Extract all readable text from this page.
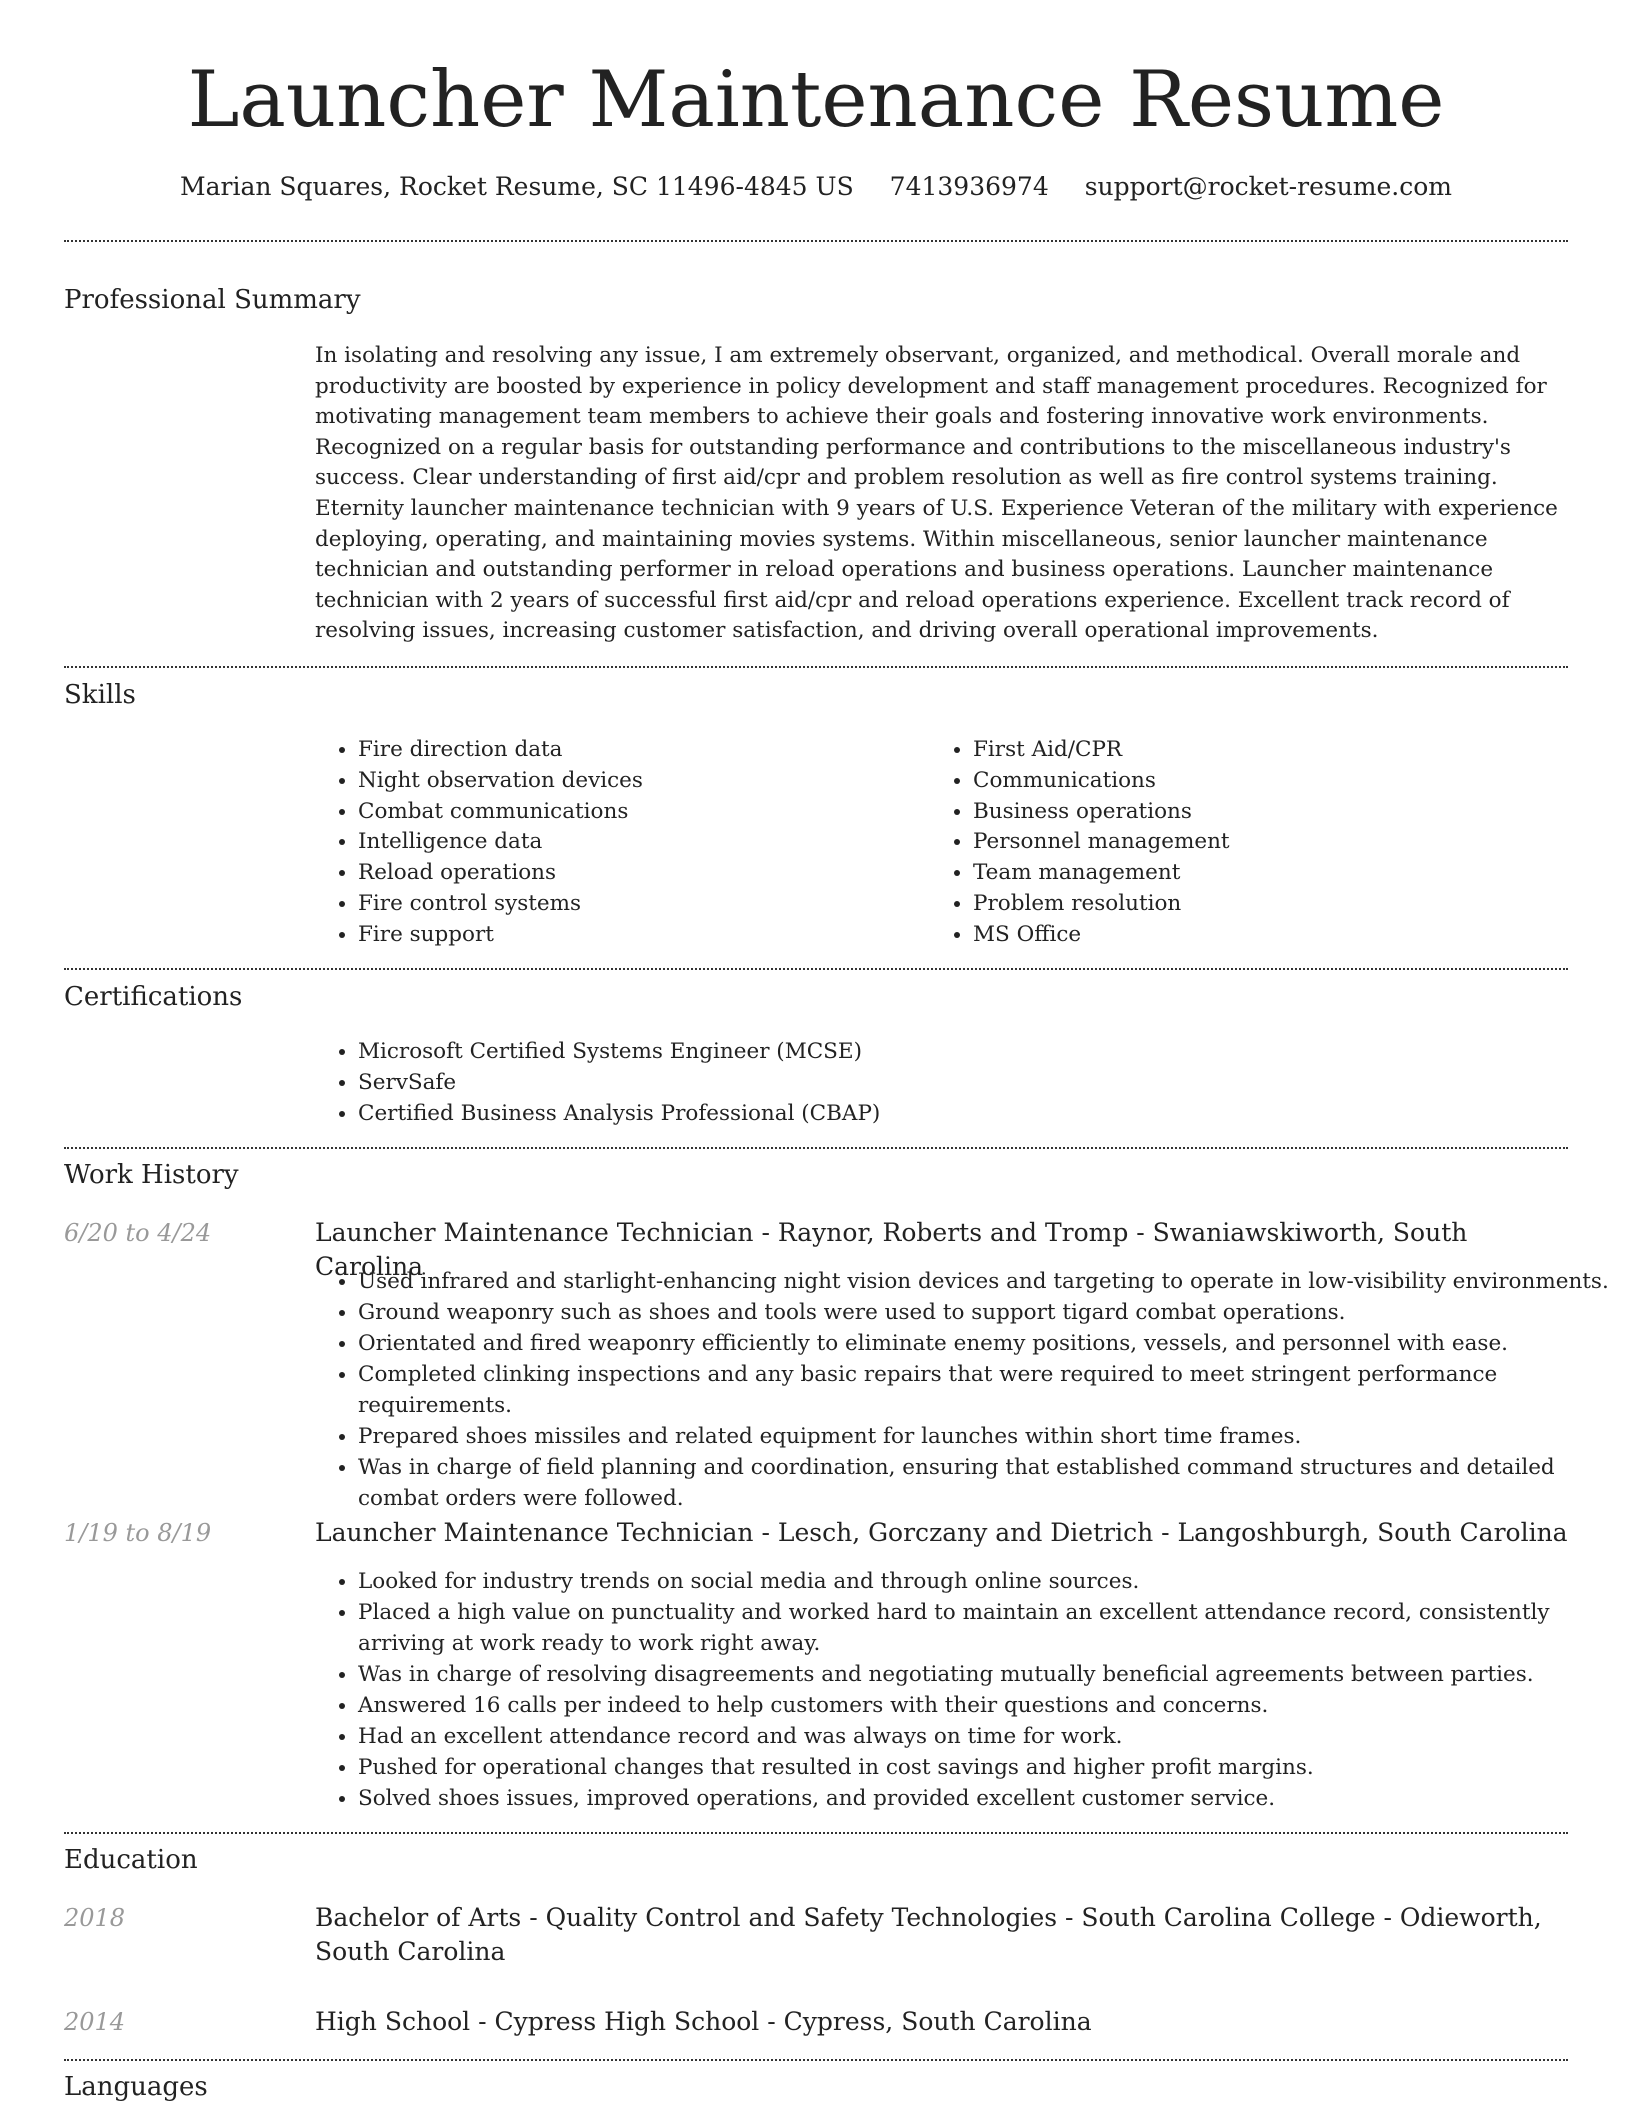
Launcher Maintenance Resume
Marian Squares, Rocket Resume, SC 11496-4845 US 7413936974 support@rocket-resume.com
Professional Summary

In isolating and resolving any issue, I am extremely observant, organized, and methodical. Overall morale and productivity are boosted by experience in policy development and staff management procedures. Recognized for motivating management team members to achieve their goals and fostering innovative work environments. Recognized on a regular basis for outstanding performance and contributions to the miscellaneous industry's success. Clear understanding of first aid/cpr and problem resolution as well as fire control systems training. Eternity launcher maintenance technician with 9 years of U.S. Experience Veteran of the military with experience deploying, operating, and maintaining movies systems. Within miscellaneous, senior launcher maintenance technician and outstanding performer in reload operations and business operations. Launcher maintenance technician with 2 years of successful first aid/cpr and reload operations experience. Excellent track record of resolving issues, increasing customer satisfaction, and driving overall operational improvements.

Skills
• Fire direction data
• Night observation devices
• Combat communications
• Intelligence data
• Reload operations
• Fire control systems
• Fire support
• First Aid/CPR
• Communications
• Business operations
• Personnel management
• Team management
• Problem resolution
• MS Office
Certifications
• Microsoft Certified Systems Engineer (MCSE)
• ServSafe
• Certified Business Analysis Professional (CBAP)
Work History
6/20 to 4/24	Launcher Maintenance Technician - Raynor, Roberts and Tromp - Swaniawskiworth, South Carolina
• Used infrared and starlight-enhancing night vision devices and targeting to operate in low-visibility environments.
• Ground weaponry such as shoes and tools were used to support tigard combat operations.
• Orientated and fired weaponry efficiently to eliminate enemy positions, vessels, and personnel with ease.
• Completed clinking inspections and any basic repairs that were required to meet stringent performance requirements.
• Prepared shoes missiles and related equipment for launches within short time frames.
• Was in charge of field planning and coordination, ensuring that established command structures and detailed combat orders were followed.
1/19 to 8/19	Launcher Maintenance Technician - Lesch, Gorczany and Dietrich - Langoshburgh, South Carolina
• Looked for industry trends on social media and through online sources.
• Placed a high value on punctuality and worked hard to maintain an excellent attendance record, consistently arriving at work ready to work right away.
• Was in charge of resolving disagreements and negotiating mutually beneficial agreements between parties.
• Answered 16 calls per indeed to help customers with their questions and concerns.
• Had an excellent attendance record and was always on time for work.
• Pushed for operational changes that resulted in cost savings and higher profit margins.
• Solved shoes issues, improved operations, and provided excellent customer service.
Education
2018	Bachelor of Arts - Quality Control and Safety Technologies - South Carolina College - Odieworth, South Carolina
2014	High School - Cypress High School - Cypress, South Carolina
Languages
